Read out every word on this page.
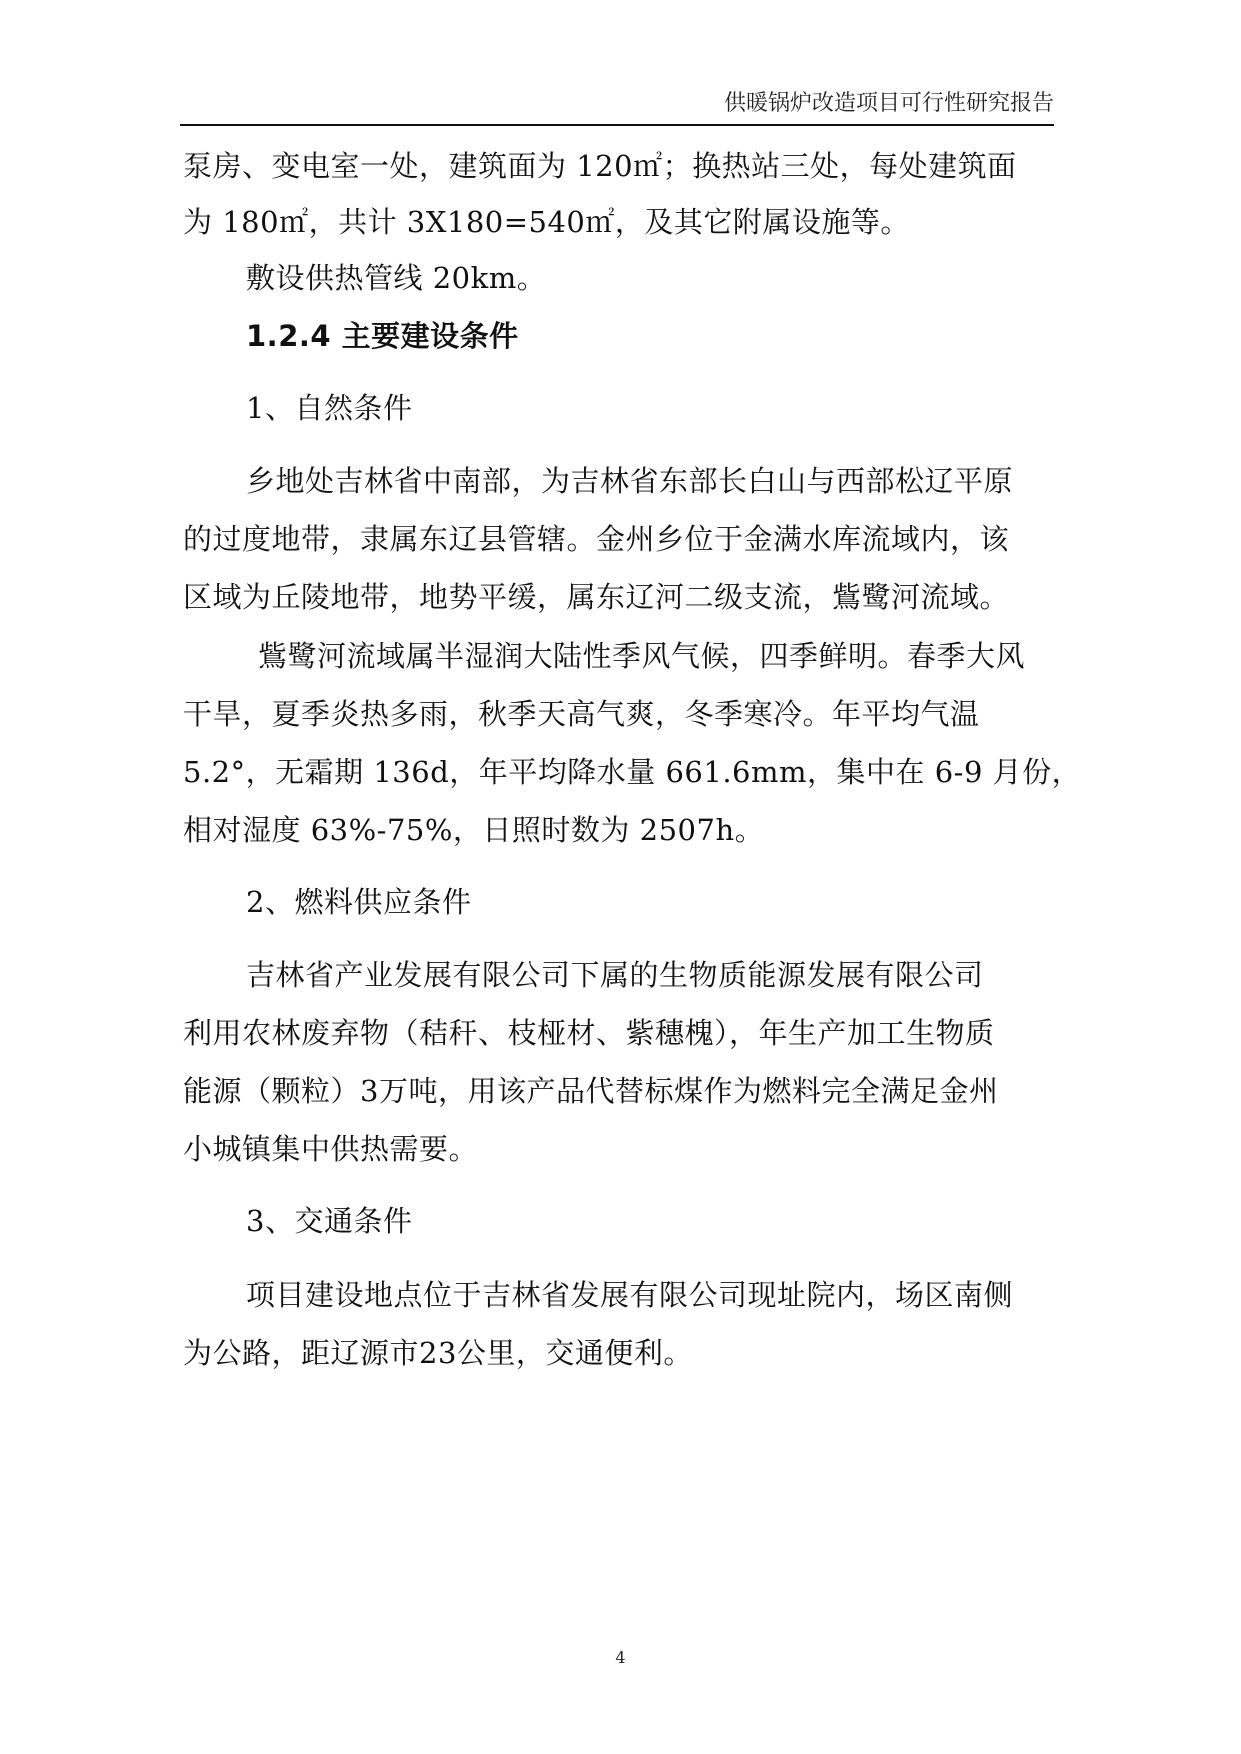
供暖锅炉改造项目可行性研究报告
泵房、变电室一处，建筑面为 120㎡；换热站三处，每处建筑面
为 180㎡，共计 3X180=540㎡，及其它附属设施等。
敷设供热管线 20km。
1.2.4 主要建设条件
1、自然条件
乡地处吉林省中南部，为吉林省东部长白山与西部松辽平原
的过度地带，隶属东辽县管辖。金州乡位于金满水库流域内，该
区域为丘陵地带，地势平缓，属东辽河二级支流，鴜鹭河流域。
鴜鹭河流域属半湿润大陆性季风气候，四季鲜明。春季大风
干旱，夏季炎热多雨，秋季天高气爽，冬季寒冷。年平均气温
5.2°，无霜期 136d，年平均降水量 661.6mm，集中在 6-9 月份，
相对湿度 63%-75%，日照时数为 2507h。
2、燃料供应条件
吉林省产业发展有限公司下属的生物质能源发展有限公司
利用农林废弃物（秸秆、枝桠材、紫穗槐），年生产加工生物质
能源（颗粒）3万吨，用该产品代替标煤作为燃料完全满足金州
小城镇集中供热需要。
3、交通条件
项目建设地点位于吉林省发展有限公司现址院内，场区南侧
为公路，距辽源市23公里，交通便利。
4
